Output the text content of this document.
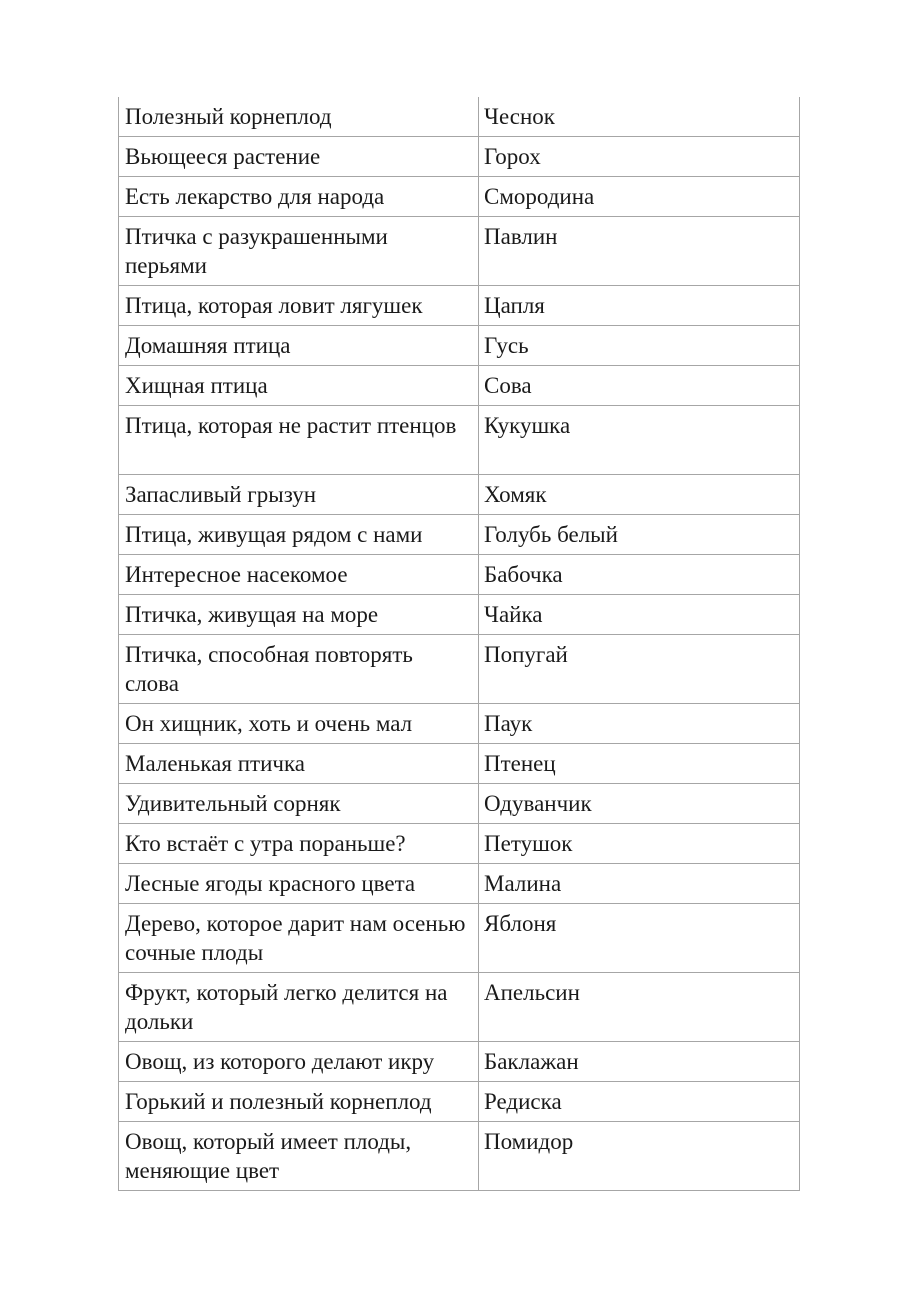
Полезный корнеплод	Чеснок
Вьющееся растение	Горох
Есть лекарство для народа	Смородина
Птичка с разукрашенными перьями	Павлин
Птица, которая ловит лягушек	Цапля
Домашняя птица	Гусь
Хищная птица	Сова
Птица, которая не растит птенцов	Кукушка
Запасливый грызун	Хомяк
Птица, живущая рядом с нами	Голубь белый
Интересное насекомое	Бабочка
Птичка, живущая на море	Чайка
Птичка, способная повторять слова	Попугай
Он хищник, хоть и очень мал	Паук
Маленькая птичка	Птенец
Удивительный сорняк	Одуванчик
Кто встаёт с утра пораньше?	Петушок
Лесные ягоды красного цвета	Малина
Дерево, которое дарит нам осенью сочные плоды	Яблоня
Фрукт, который легко делится на дольки	Апельсин
Овощ, из которого делают икру	Баклажан
Горький и полезный корнеплод	Редиска
Овощ, который имеет плоды, меняющие цвет	Помидор
